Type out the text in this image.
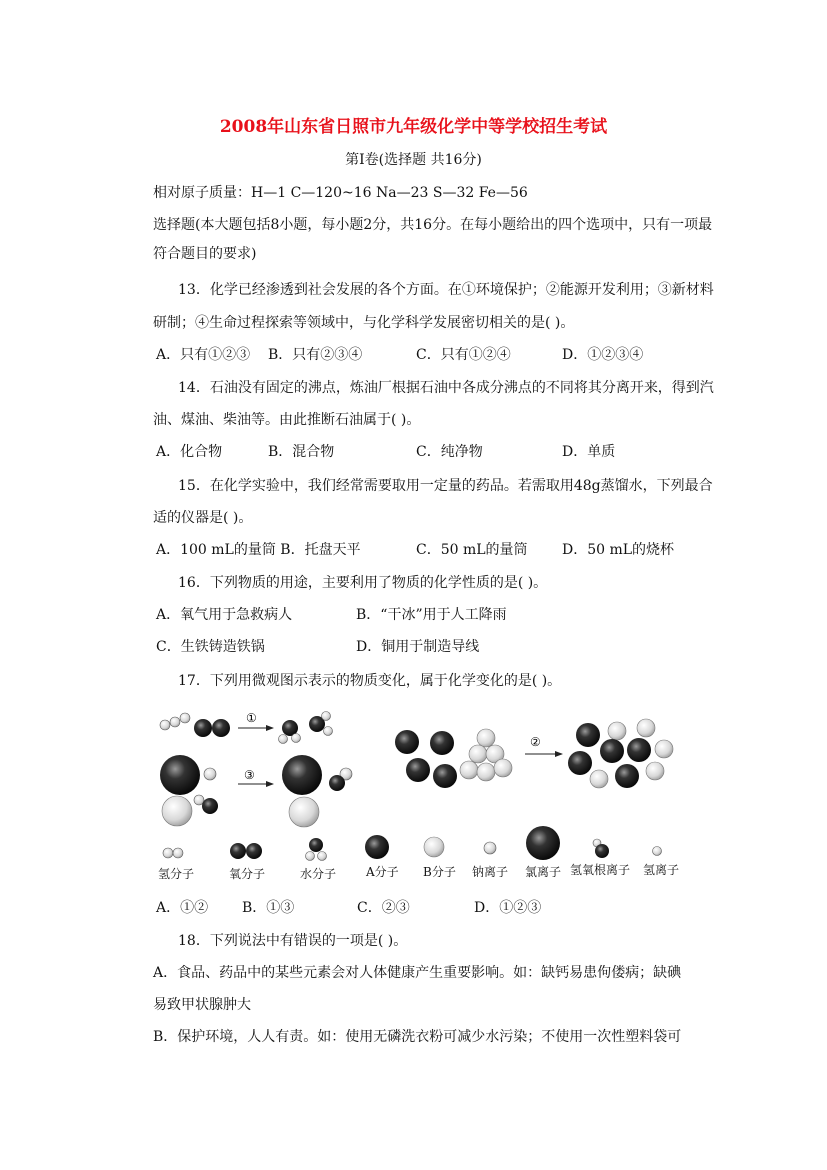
2008年山东省日照市九年级化学中等学校招生考试
第Ⅰ卷(选择题 共16分)
相对原子质量：H—1 C—120~16 Na—23 S—32 Fe—56
选择题(本大题包括8小题，每小题2分，共16分。在每小题给出的四个选项中，只有一项最
符合题目的要求)
13．化学已经渗透到社会发展的各个方面。在①环境保护；②能源开发利用；③新材料
研制；④生命过程探索等领域中，与化学科学发展密切相关的是( )。
A．只有①②③ B．只有②③④	C．只有①②④	D．①②③④
14．石油没有固定的沸点，炼油厂根据石油中各成分沸点的不同将其分离开来，得到汽
油、煤油、柴油等。由此推断石油属于( )。
A．化合物	B．混合物	C．纯净物	D．单质
15．在化学实验中，我们经常需要取用一定量的药品。若需取用48g蒸馏水，下列最合
适的仪器是( )。
A．100 mL的量筒 B．托盘天平	C．50 mL的量筒 D．50 mL的烧杯
16．下列物质的用途，主要利用了物质的化学性质的是( )。
A．氧气用于急救病人	B．“干冰”用于人工降雨
C．生铁铸造铁锅	D．铜用于制造导线
17．下列用微观图示表示的物质变化，属于化学变化的是( )。
①
③
②
氢分子	氧分子	水分子 A分子 B分子 钠离子 氯离子 氢氧根离子 氢离子
A．①② B．①③	C．②③	D．①②③
18．下列说法中有错误的一项是( )。
A．食品、药品中的某些元素会对人体健康产生重要影响。如：缺钙易患佝偻病；缺碘
易致甲状腺肿大
B．保护环境，人人有责。如：使用无磷洗衣粉可减少水污染；不使用一次性塑料袋可
